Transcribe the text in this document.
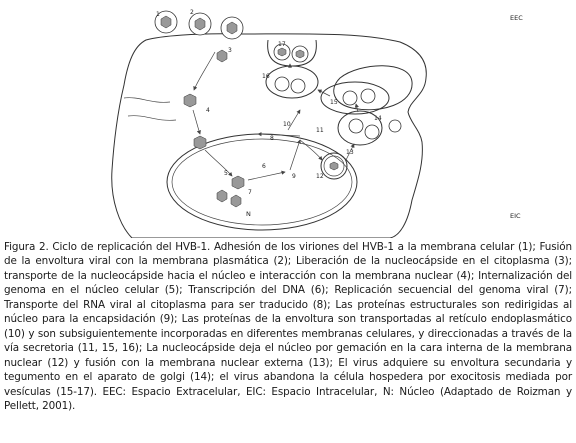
1	2
3
4
5
6
7
8
9
10
11
12
13
14
15
16
17
EEC
EIC
N

Figura 2. Ciclo de replicación del HVB-1. Adhesión de los viriones del HVB-1 a la membrana celular (1); Fusión de la envoltura viral con la membrana plasmática (2); Liberación de la nucleocápside en el citoplasma (3); transporte de la nucleocápside hacia el núcleo e interacción con la membrana nuclear (4); Internalización del genoma en el núcleo celular (5); Transcripción del DNA (6); Replicación secuencial del genoma viral (7); Transporte del RNA viral al citoplasma para ser traducido (8); Las proteínas estructurales son redirigidas al núcleo para la encapsidación (9); Las proteínas de la envoltura son transportadas al retículo endoplasmático (10) y son subsiguientemente incorporadas en diferentes membranas celulares, y direccionadas a través de la vía secretoria (11, 15, 16); La nucleocápside deja el núcleo por gemación en la cara interna de la membrana nuclear (12) y fusión con la membrana nuclear externa (13); El virus adquiere su envoltura secundaria y tegumento en el aparato de golgi (14); el virus abandona la célula hospedera por exocitosis mediada por vesículas (15-17). EEC: Espacio Extracelular, EIC: Espacio Intracelular, N: Núcleo (Adaptado de Roizman y Pellett, 2001).
